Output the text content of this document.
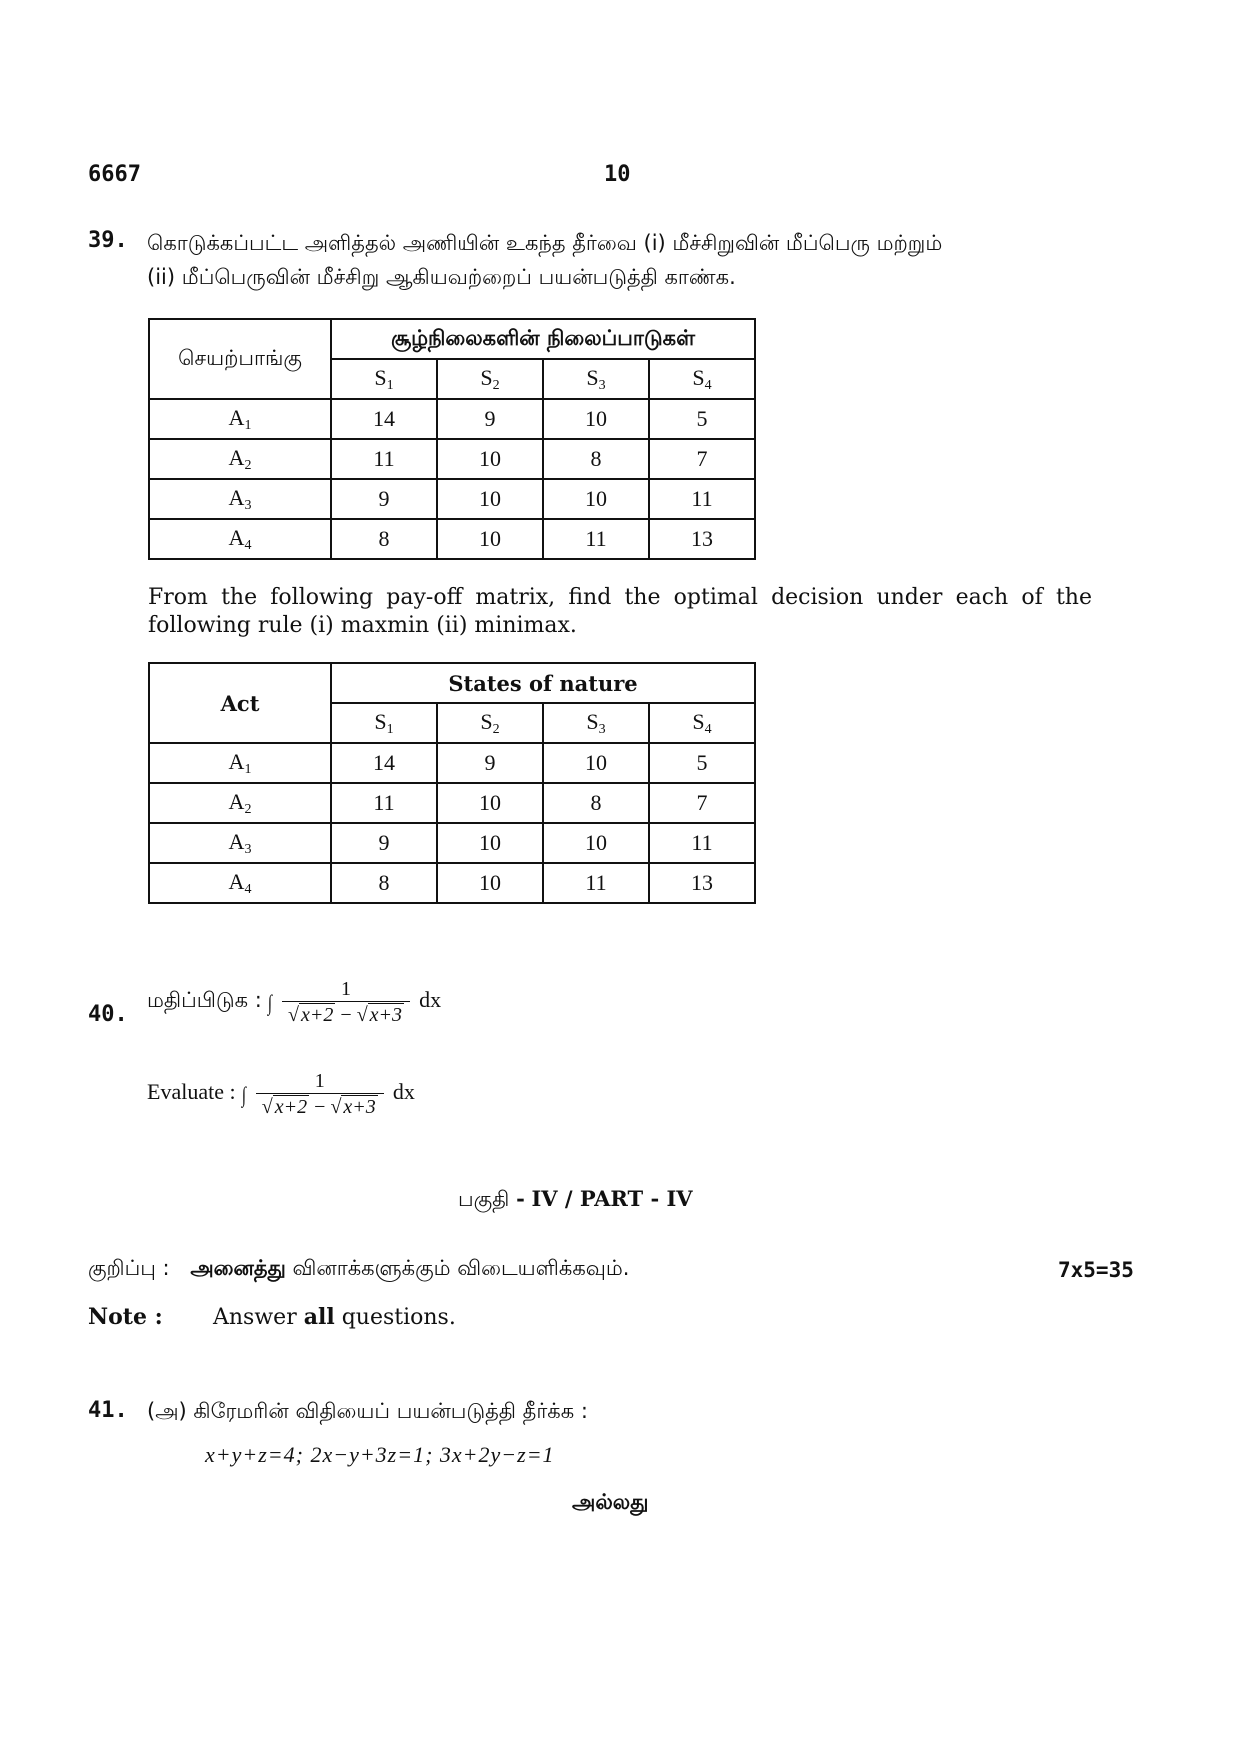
6667	10
39. கொடுக்கப்பட்ட அளித்தல் அணியின் உகந்த தீர்வை (i) மீச்சிறுவின் மீப்பெரு மற்றும்
(ii) மீப்பெருவின் மீச்சிறு ஆகியவற்றைப் பயன்படுத்தி காண்க.
செயற்பாங்கு	சூழ்நிலைகளின் நிலைப்பாடுகள்			
	$S_1$	$S_2$	$S_3$	$S_4$
$A_1$	14	9	10	5
$A_2$	11	10	8	7
$A_3$	9	10	10	11
$A_4$	8	10	11	13
From the following pay-off matrix, find the optimal decision under each of the following rule (i) maxmin (ii) minimax.
Act	States of nature			
	$S_1$	$S_2$	$S_3$	$S_4$
$A_1$	14	9	10	5
$A_2$	11	10	8	7
$A_3$	9	10	10	11
$A_4$	8	10	11	13
40.
மதிப்பிடுக : ∫ $\frac{1}{√ x+2 - √ x+3}$ dx
Evaluate : ∫ $\frac{1}{√ x+2 - √ x+3}$ dx
பகுதி - IV / PART - IV
குறிப்பு : அனைத்து வினாக்களுக்கும் விடையளிக்கவும்.	7x5=35
Note : Answer all questions.
41. (அ) கிரேமரின் விதியைப் பயன்படுத்தி தீர்க்க :
x+y+z=4; 2x−y+3z=1; 3x+2y−z=1
அல்லது
